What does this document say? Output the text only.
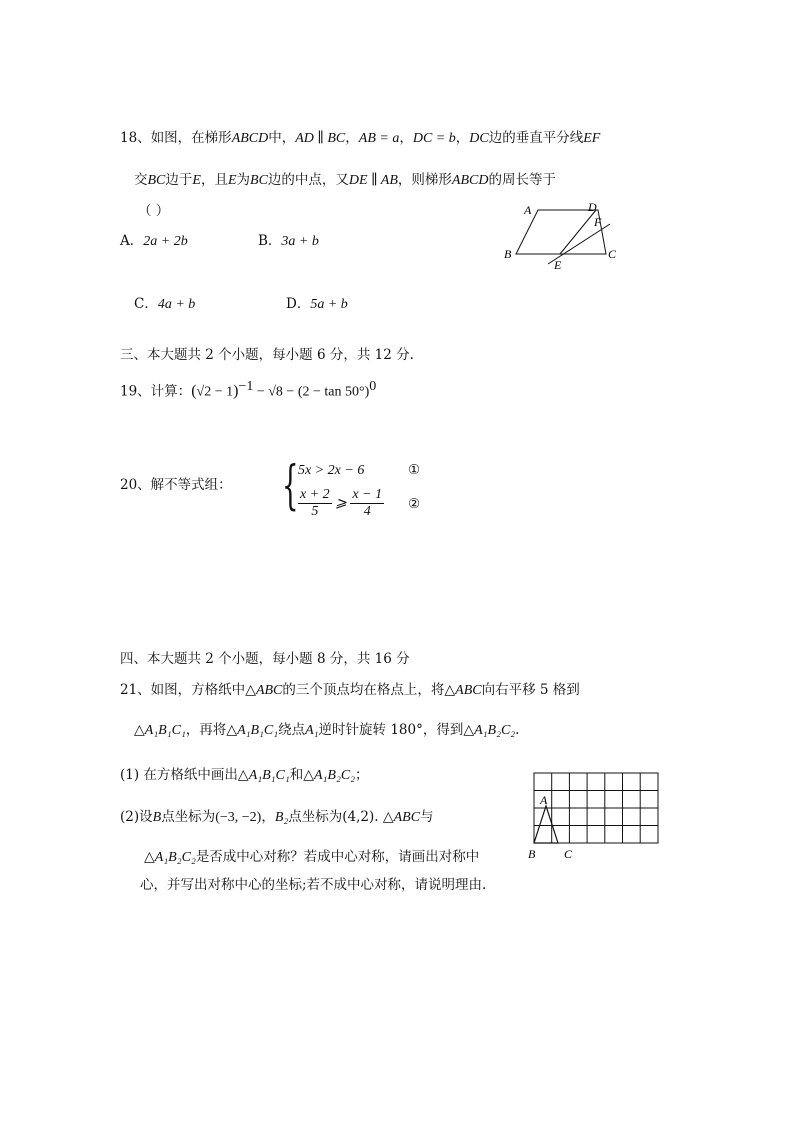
18、如图，在梯形ABCD中，AD ∥ BC，AB = a，DC = b，DC边的垂直平分线EF
交BC边于E，且E为BC边的中点，又DE ∥ AB，则梯形ABCD的周长等于
（ ）
A．2a + 2b	B．3a + b
C．4a + b	D．5a + b
A	D
F
B	C
E
三、本大题共 2 个小题，每小题 6 分，共 12 分.
19、计算：$(√2 - 1)^{-1} - √8 - (2 - \tan 50^\circ)^0$
20、解不等式组： { 5x > 2x − 6	①
$\frac{x + 2}{5}$ ⩾ $\frac{x - 1}{4}$ ②
四、本大题共 2 个小题，每小题 8 分，共 16 分
21、如图，方格纸中△ABC的三个顶点均在格点上，将△ABC向右平移 5 格到
△A₁B₁C₁，再将△A₁B₁C₁绕点A₁逆时针旋转 180°，得到△A₁B₂C₂.
(1) 在方格纸中画出△A₁B₁C₁和△A₁B₂C₂；
(2)设B点坐标为(−3, −2)，B₂点坐标为(4,2). △ABC与
△A₁B₂C₂是否成中心对称？若成中心对称，请画出对称中
心，并写出对称中心的坐标;若不成中心对称，请说明理由.
A
B C
